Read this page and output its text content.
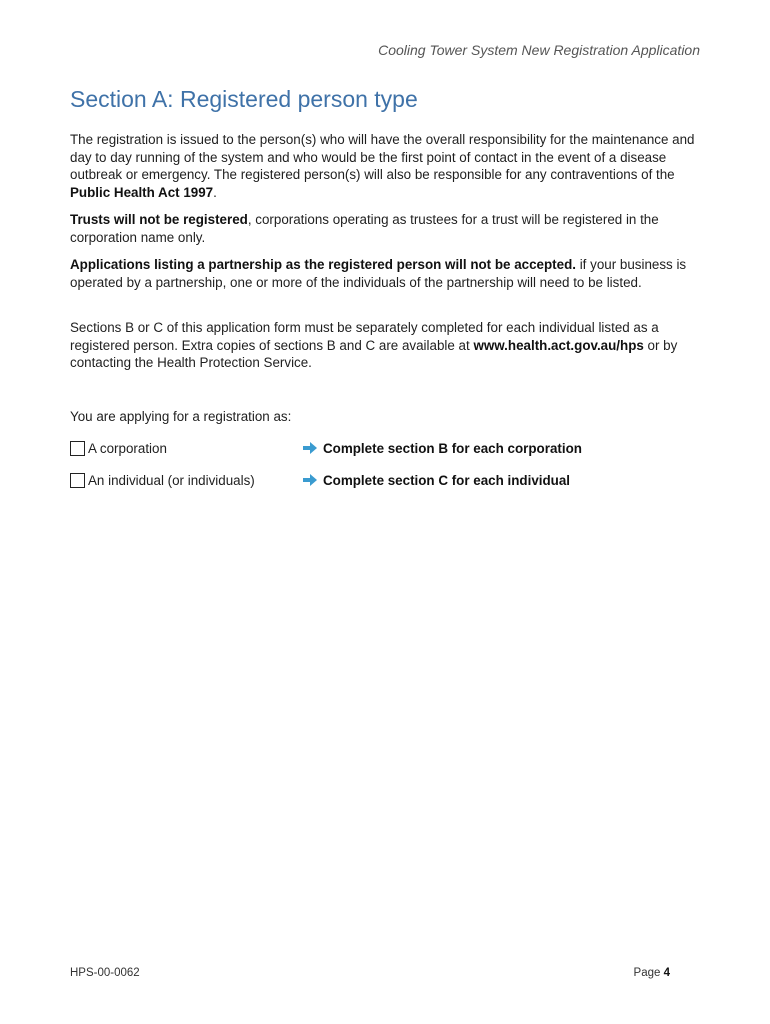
Cooling Tower System New Registration Application
Section A: Registered person type

The registration is issued to the person(s) who will have the overall responsibility for the maintenance and day to day running of the system and who would be the first point of contact in the event of a disease outbreak or emergency. The registered person(s) will also be responsible for any contraventions of the Public Health Act 1997.

Trusts will not be registered, corporations operating as trustees for a trust will be registered in the corporation name only.

Applications listing a partnership as the registered person will not be accepted. if your business is operated by a partnership, one or more of the individuals of the partnership will need to be listed.

Sections B or C of this application form must be separately completed for each individual listed as a registered person. Extra copies of sections B and C are available at www.health.act.gov.au/hps or by contacting the Health Protection Service.

You are applying for a registration as:

A corporation	Complete section B for each corporation
An individual (or individuals)	Complete section C for each individual
HPS-00-0062	Page 4
